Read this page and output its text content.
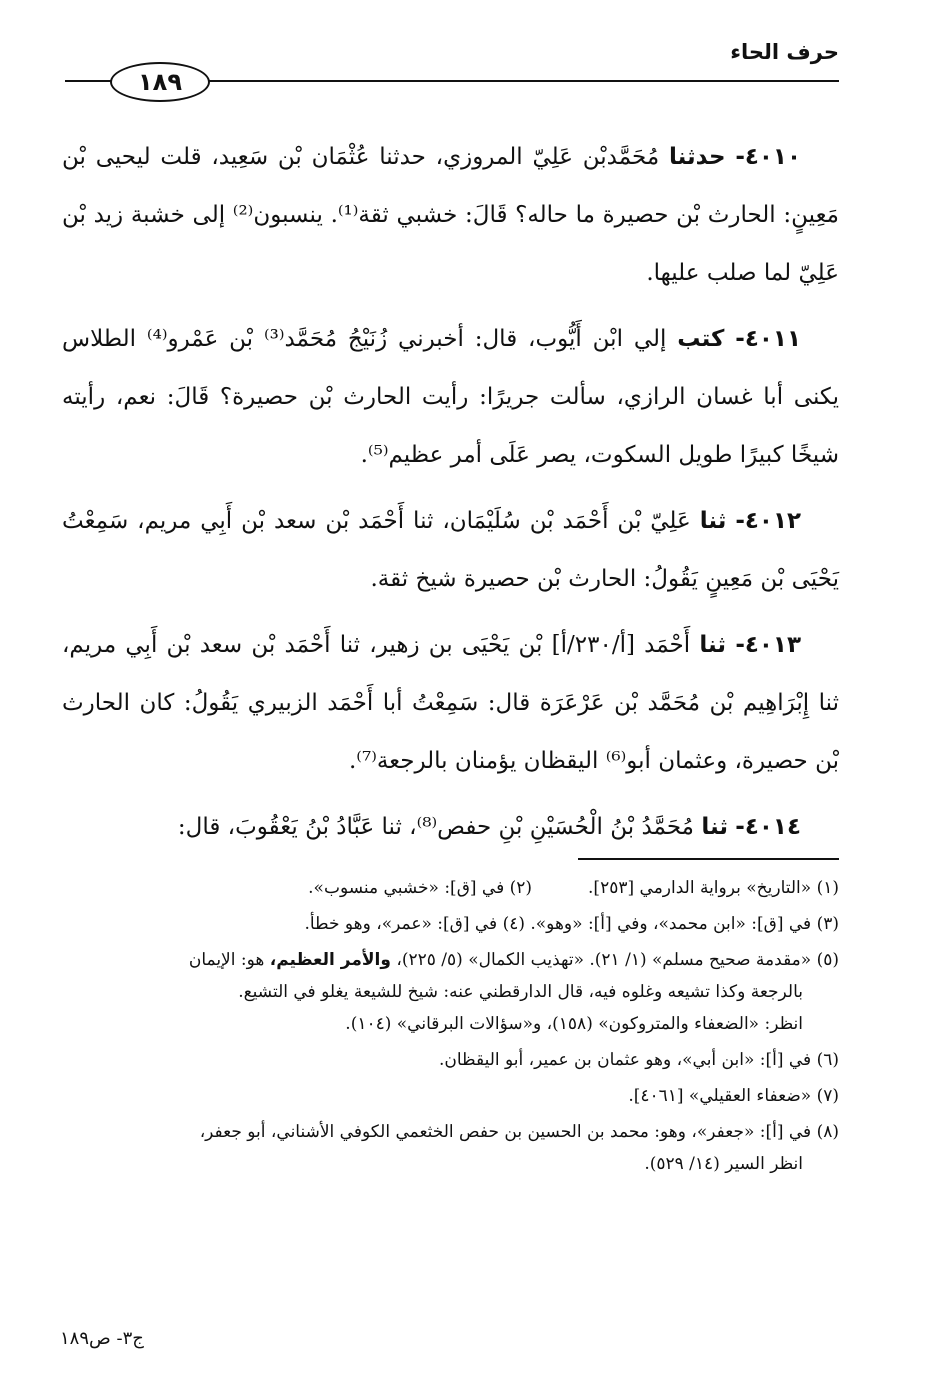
حرف الحاء
١٨٩

٤٠١٠- حدثنا مُحَمَّدبْن عَلِيّ المروزي، حدثنا عُثْمَان بْن سَعِيد، قلت ليحيى بْن مَعِينٍ: الحارث بْن حصيرة ما حاله؟ قَالَ: خشبي ثقة⁽¹⁾. ينسبون⁽²⁾ إلى خشبة زيد بْن عَلِيّ لما صلب عليها.

٤٠١١- كتب إلي ابْن أَيُّوب، قال: أخبرني زُنَيْجُ مُحَمَّد⁽³⁾ بْن عَمْرو⁽⁴⁾ الطلاس يكنى أبا غسان الرازي، سألت جريرًا: رأيت الحارث بْن حصيرة؟ قَالَ: نعم، رأيته شيخًا كبيرًا طويل السكوت، يصر عَلَى أمر عظيم⁽⁵⁾.

٤٠١٢- ثنا عَلِيّ بْن أَحْمَد بْن سُلَيْمَان، ثنا أَحْمَد بْن سعد بْن أَبِي مريم، سَمِعْتُ يَحْيَى بْن مَعِينٍ يَقُولُ: الحارث بْن حصيرة شيخ ثقة.

٤٠١٣- ثنا أَحْمَد [أ/٢٣٠/أ] بْن يَحْيَى بن زهير، ثنا أَحْمَد بْن سعد بْن أَبِي مريم، ثنا إِبْرَاهِيم بْن مُحَمَّد بْن عَرْعَرَة قال: سَمِعْتُ أبا أَحْمَد الزبيري يَقُولُ: كان الحارث بْن حصيرة، وعثمان أبو⁽⁶⁾ اليقظان يؤمنان بالرجعة⁽⁷⁾.

٤٠١٤- ثنا مُحَمَّدُ بْنُ الْحُسَيْنِ بْنِ حفص⁽⁸⁾، ثنا عَبَّادُ بْنُ يَعْقُوبَ، قال:

(١) «التاريخ» برواية الدارمي [٢٥٣].
(٢) في [ق]: «خشبي منسوب».

(٣) في [ق]: «ابن محمد»، وفي [أ]: «وهو». (٤) في [ق]: «عمر»، وهو خطأ.

(٥) «مقدمة صحيح مسلم» (١/ ٢١). «تهذيب الكمال» (٥/ ٢٢٥)، والأمر العظيم، هو: الإيمان

بالرجعة وكذا تشيعه وغلوه فيه، قال الدارقطني عنه: شيخ للشيعة يغلو في التشيع.

انظر: «الضعفاء والمتروكون» (١٥٨)، و«سؤالات البرقاني» (١٠٤).

(٦) في [أ]: «ابن أبي»، وهو عثمان بن عمير، أبو اليقظان.

(٧) «ضعفاء العقيلي» [٤٠٦١].

(٨) في [أ]: «جعفر»، وهو: محمد بن الحسين بن حفص الخثعمي الكوفي الأشناني، أبو جعفر،

انظر السير (١٤/ ٥٢٩).

ج٣- ص١٨٩
